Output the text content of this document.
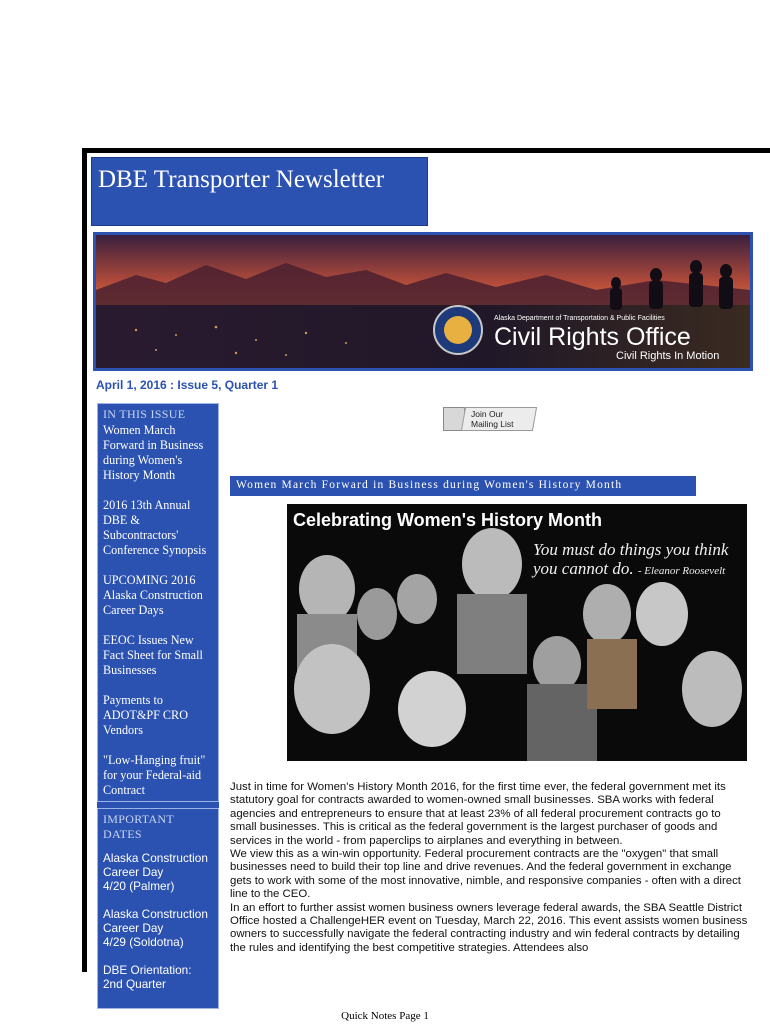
DBE Transporter Newsletter
Alaska Department of Transportation & Public Facilities
Civil Rights Office
Civil Rights In Motion
April 1, 2016 : Issue 5, Quarter 1
IN THIS ISSUE
Women March Forward in Business during Women's History Month
2016 13th Annual DBE & Subcontractors' Conference Synopsis
UPCOMING 2016 Alaska Construction Career Days
EEOC Issues New Fact Sheet for Small Businesses
Payments to ADOT&PF CRO Vendors
"Low-Hanging fruit" for your Federal-aid Contract
IMPORTANT DATES
Alaska Construction Career Day
4/20 (Palmer)
Alaska Construction Career Day
4/29 (Soldotna)
DBE Orientation: 2nd Quarter
Join Our
Mailing List
Women March Forward in Business during Women's History Month
Celebrating Women's History Month
You must do things you think you cannot do. - Eleanor Roosevelt

Just in time for Women's History Month 2016, for the first time ever, the federal government met its statutory goal for contracts awarded to women-owned small businesses. SBA works with federal agencies and entrepreneurs to ensure that at least 23% of all federal procurement contracts go to small businesses. This is critical as the federal government is the largest purchaser of goods and services in the world - from paperclips to airplanes and everything in between.

We view this as a win-win opportunity. Federal procurement contracts are the "oxygen" that small businesses need to build their top line and drive revenues. And the federal government in exchange gets to work with some of the most innovative, nimble, and responsive companies - often with a direct line to the CEO.

In an effort to further assist women business owners leverage federal awards, the SBA Seattle District Office hosted a ChallengeHER event on Tuesday, March 22, 2016. This event assists women business owners to successfully navigate the federal contracting industry and win federal contracts by detailing the rules and identifying the best competitive strategies. Attendees also

Quick Notes Page 1
